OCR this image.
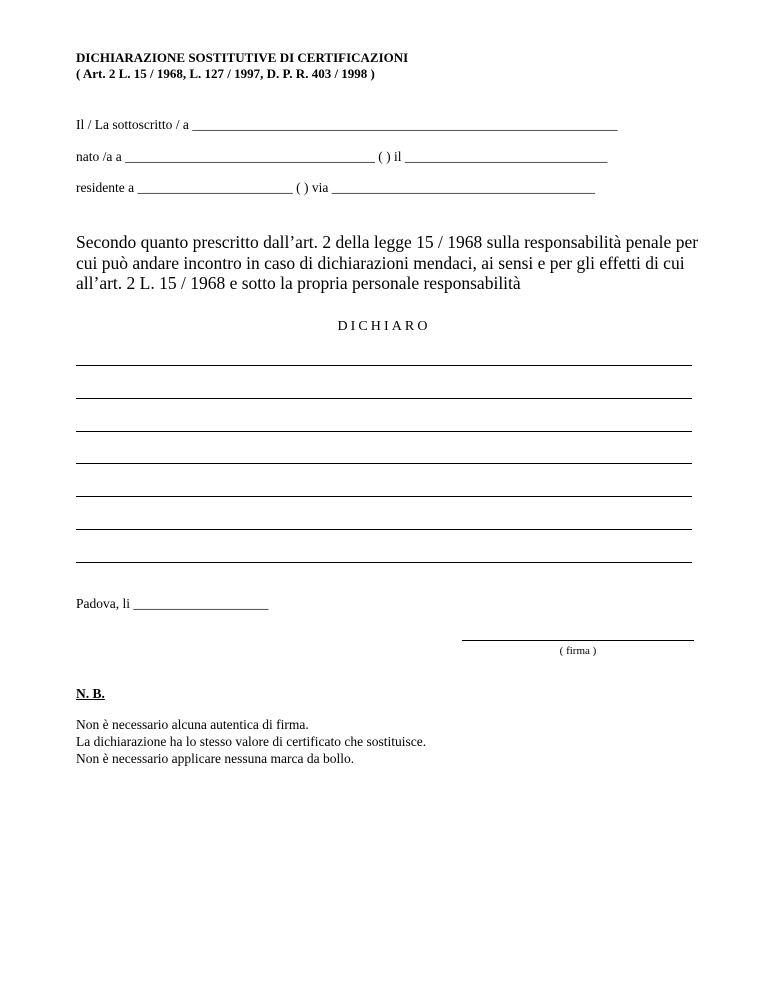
DICHIARAZIONE SOSTITUTIVE DI CERTIFICAZIONI
( Art. 2 L. 15 / 1968, L. 127 / 1997, D. P. R. 403 / 1998 )
Il / La sottoscritto / a _______________________________________________________________
nato /a a _____________________________________ ( ) il ______________________________
residente a _______________________ ( ) via _______________________________________
Secondo quanto prescritto dall’art. 2 della legge 15 / 1968 sulla responsabilità penale per cui può andare incontro in caso di dichiarazioni mendaci, ai sensi e per gli effetti di cui all’art. 2 L. 15 / 1968 e sotto la propria personale responsabilità
DICHIARO
Padova, li ____________________
( firma )
N. B.
Non è necessario alcuna autentica di firma.
La dichiarazione ha lo stesso valore di certificato che sostituisce.
Non è necessario applicare nessuna marca da bollo.
